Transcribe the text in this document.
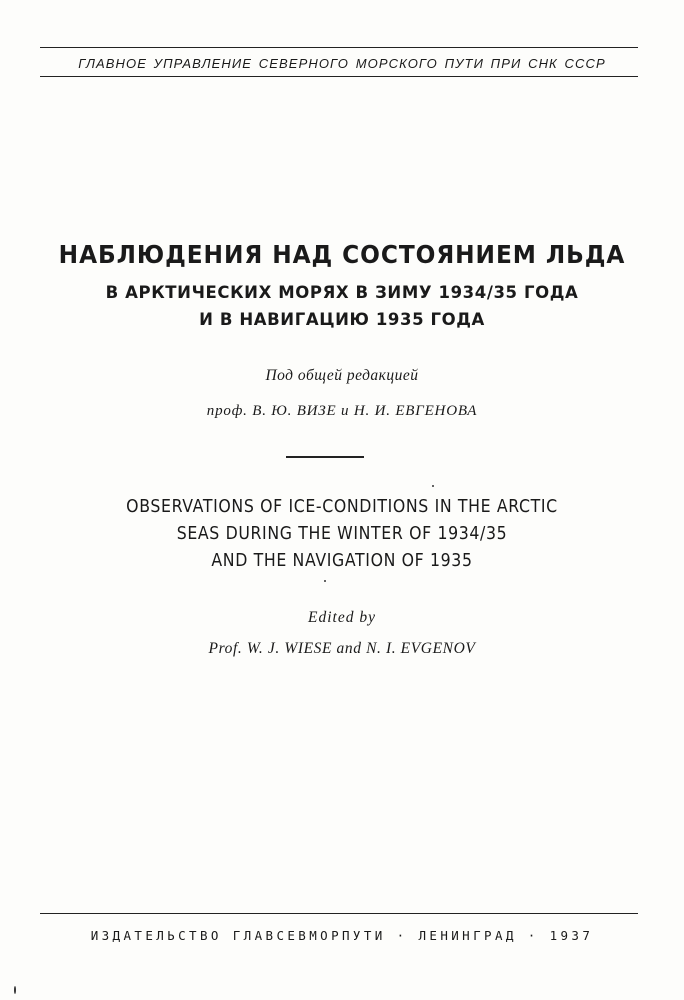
ГЛАВНОЕ УПРАВЛЕНИЕ СЕВЕРНОГО МОРСКОГО ПУТИ ПРИ СНК СССР
НАБЛЮДЕНИЯ НАД СОСТОЯНИЕМ ЛЬДА
В АРКТИЧЕСКИХ МОРЯХ В ЗИМУ 1934/35 ГОДА
И В НАВИГАЦИЮ 1935 ГОДА
Под общей редакцией
проф. В. Ю. ВИЗЕ и Н. И. ЕВГЕНОВА
OBSERVATIONS OF ICE-CONDITIONS IN THE ARCTIC
SEAS DURING THE WINTER OF 1934/35
AND THE NAVIGATION OF 1935
Edited by
Prof. W. J. WIESE and N. I. EVGENOV
ИЗДАТЕЛЬСТВО ГЛАВСЕВМОРПУТИ · ЛЕНИНГРАД · 1937
